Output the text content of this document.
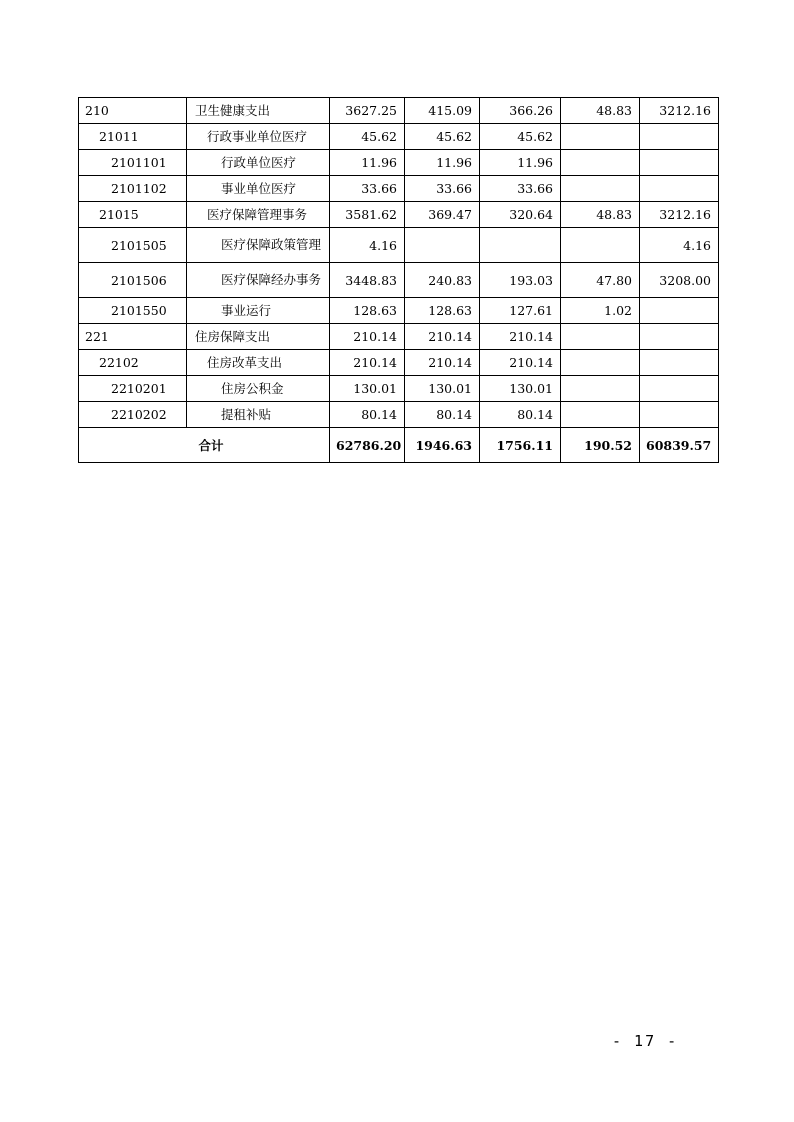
210	卫生健康支出	3627.25	415.09	366.26	48.83	3212.16
21011	行政事业单位医疗	45.62	45.62	45.62		
2101101	行政单位医疗	11.96	11.96	11.96		
2101102	事业单位医疗	33.66	33.66	33.66		
21015	医疗保障管理事务	3581.62	369.47	320.64	48.83	3212.16
2101505	医疗保障政策管理	4.16				4.16
2101506	医疗保障经办事务	3448.83	240.83	193.03	47.80	3208.00
2101550	事业运行	128.63	128.63	127.61	1.02	
221	住房保障支出	210.14	210.14	210.14		
22102	住房改革支出	210.14	210.14	210.14		
2210201	住房公积金	130.01	130.01	130.01		
2210202	提租补贴	80.14	80.14	80.14		
合计		62786.20	1946.63	1756.11	190.52	60839.57
- 17 -
